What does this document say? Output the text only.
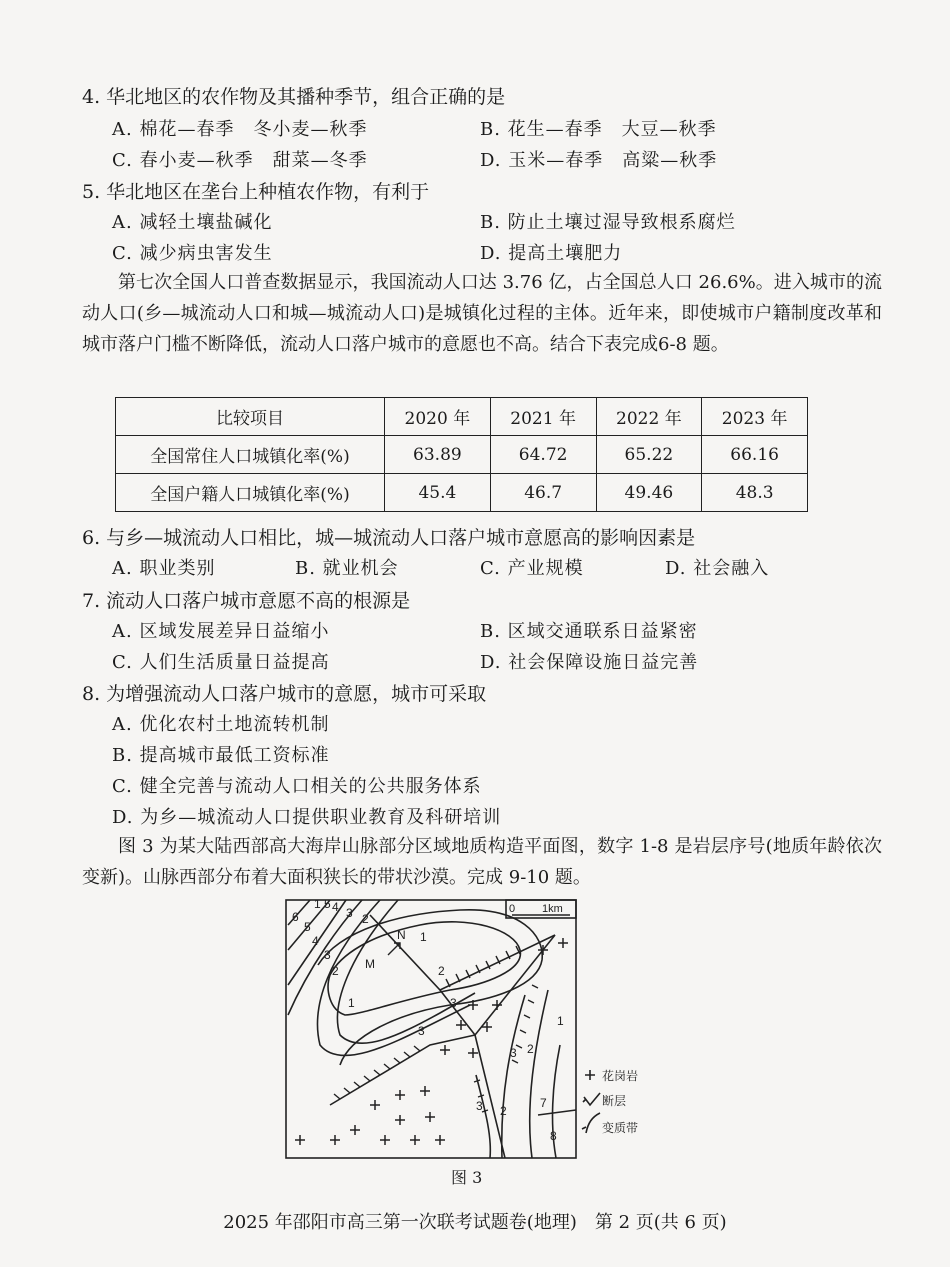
4. 华北地区的农作物及其播种季节，组合正确的是
A. 棉花—春季　冬小麦—秋季	B. 花生—春季　大豆—秋季
C. 春小麦—秋季　甜菜—冬季	D. 玉米—春季　高粱—秋季
5. 华北地区在垄台上种植农作物，有利于
A. 减轻土壤盐碱化	B. 防止土壤过湿导致根系腐烂
C. 减少病虫害发生	D. 提高土壤肥力
第七次全国人口普查数据显示，我国流动人口达 3.76 亿，占全国总人口 26.6%。进入城市的流动人口(乡—城流动人口和城—城流动人口)是城镇化过程的主体。近年来，即使城市户籍制度改革和城市落户门槛不断降低，流动人口落户城市的意愿也不高。结合下表完成6-8 题。
比较项目	2020 年	2021 年	2022 年	2023 年
全国常住人口城镇化率(%)	63.89	64.72	65.22	66.16
全国户籍人口城镇化率(%)	45.4	46.7	49.46	48.3
6. 与乡—城流动人口相比，城—城流动人口落户城市意愿高的影响因素是
A. 职业类别	B. 就业机会	C. 产业规模	D. 社会融入
7. 流动人口落户城市意愿不高的根源是
A. 区域发展差异日益缩小	B. 区域交通联系日益紧密
C. 人们生活质量日益提高	D. 社会保障设施日益完善
8. 为增强流动人口落户城市的意愿，城市可采取
A. 优化农村土地流转机制
B. 提高城市最低工资标准
C. 健全完善与流动人口相关的公共服务体系
D. 为乡—城流动人口提供职业教育及科研培训
图 3 为某大陆西部高大海岸山脉部分区域地质构造平面图，数字 1-8 是岩层序号(地质年龄依次变新)。山脉西部分布着大面积狭长的带状沙漠。完成 9-10 题。
6
5
4
3
2
1
1 5 4 3 2
1
2
3
3
3 2
1
3 2
7
8
0 1km
N
M
花岗岩
断层
变质带
图 3
2025 年邵阳市高三第一次联考试题卷(地理)　第 2 页(共 6 页)
